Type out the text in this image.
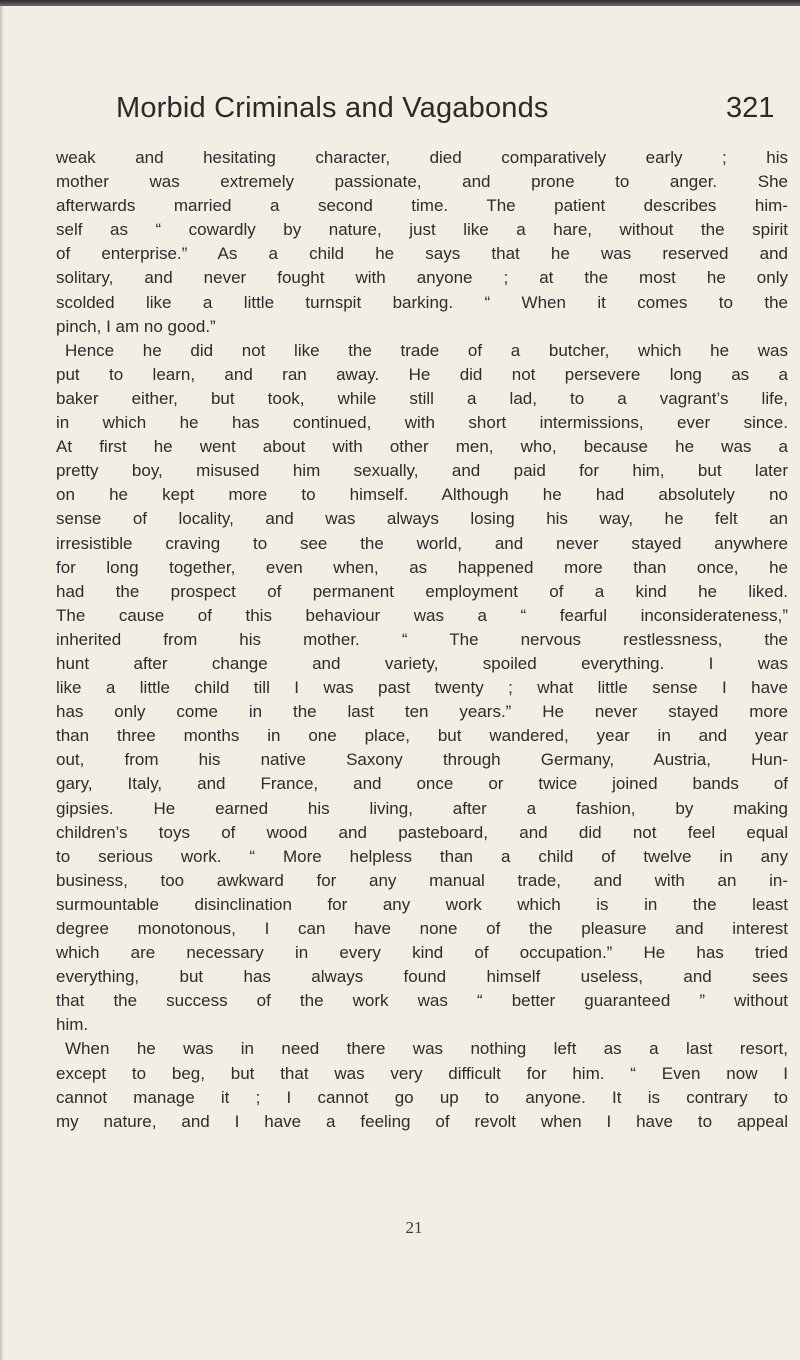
Morbid Criminals and Vagabonds	321
weak and hesitating character, died comparatively early ; his
mother was extremely passionate, and prone to anger. She
afterwards married a second time. The patient describes him-
self as “ cowardly by nature, just like a hare, without the spirit
of enterprise.” As a child he says that he was reserved and
solitary, and never fought with anyone ; at the most he only
scolded like a little turnspit barking. “ When it comes to the
pinch, I am no good.”
Hence he did not like the trade of a butcher, which he was
put to learn, and ran away. He did not persevere long as a
baker either, but took, while still a lad, to a vagrant’s life,
in which he has continued, with short intermissions, ever since.
At first he went about with other men, who, because he was a
pretty boy, misused him sexually, and paid for him, but later
on he kept more to himself. Although he had absolutely no
sense of locality, and was always losing his way, he felt an
irresistible craving to see the world, and never stayed anywhere
for long together, even when, as happened more than once, he
had the prospect of permanent employment of a kind he liked.
The cause of this behaviour was a “ fearful inconsiderateness,”
inherited from his mother. “ The nervous restlessness, the
hunt after change and variety, spoiled everything. I was
like a little child till I was past twenty ; what little sense I have
has only come in the last ten years.” He never stayed more
than three months in one place, but wandered, year in and year
out, from his native Saxony through Germany, Austria, Hun-
gary, Italy, and France, and once or twice joined bands of
gipsies. He earned his living, after a fashion, by making
children’s toys of wood and pasteboard, and did not feel equal
to serious work. “ More helpless than a child of twelve in any
business, too awkward for any manual trade, and with an in-
surmountable disinclination for any work which is in the least
degree monotonous, I can have none of the pleasure and interest
which are necessary in every kind of occupation.” He has tried
everything, but has always found himself useless, and sees
that the success of the work was “ better guaranteed ” without
him.
When he was in need there was nothing left as a last resort,
except to beg, but that was very difficult for him. “ Even now I
cannot manage it ; I cannot go up to anyone. It is contrary to
my nature, and I have a feeling of revolt when I have to appeal
21
